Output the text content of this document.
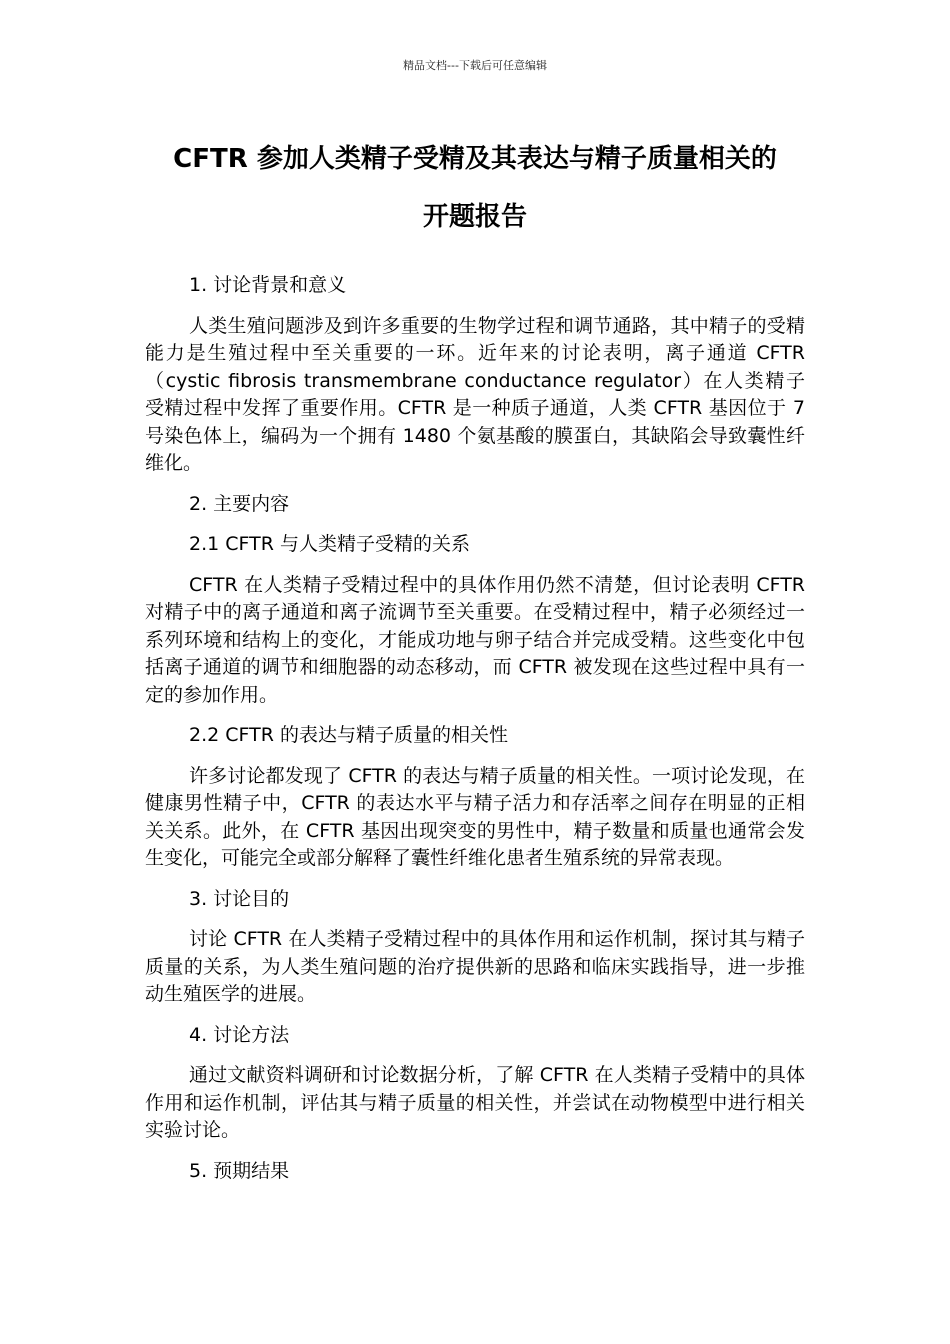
精品文档---下载后可任意编辑
CFTR 参加人类精子受精及其表达与精子质量相关的
开题报告

1. 讨论背景和意义

人类生殖问题涉及到许多重要的生物学过程和调节通路，其中精子的受精能力是生殖过程中至关重要的一环。近年来的讨论表明，离子通道 CFTR（cystic fibrosis transmembrane conductance regulator）在人类精子受精过程中发挥了重要作用。CFTR 是一种质子通道，人类 CFTR 基因位于 7 号染色体上，编码为一个拥有 1480 个氨基酸的膜蛋白，其缺陷会导致囊性纤维化。

2. 主要内容

2.1 CFTR 与人类精子受精的关系

CFTR 在人类精子受精过程中的具体作用仍然不清楚，但讨论表明 CFTR 对精子中的离子通道和离子流调节至关重要。在受精过程中，精子必须经过一系列环境和结构上的变化，才能成功地与卵子结合并完成受精。这些变化中包括离子通道的调节和细胞器的动态移动，而 CFTR 被发现在这些过程中具有一定的参加作用。

2.2 CFTR 的表达与精子质量的相关性

许多讨论都发现了 CFTR 的表达与精子质量的相关性。一项讨论发现，在健康男性精子中，CFTR 的表达水平与精子活力和存活率之间存在明显的正相关关系。此外，在 CFTR 基因出现突变的男性中，精子数量和质量也通常会发生变化，可能完全或部分解释了囊性纤维化患者生殖系统的异常表现。

3. 讨论目的

讨论 CFTR 在人类精子受精过程中的具体作用和运作机制，探讨其与精子质量的关系，为人类生殖问题的治疗提供新的思路和临床实践指导，进一步推动生殖医学的进展。

4. 讨论方法

通过文献资料调研和讨论数据分析，了解 CFTR 在人类精子受精中的具体作用和运作机制，评估其与精子质量的相关性，并尝试在动物模型中进行相关实验讨论。

5. 预期结果
